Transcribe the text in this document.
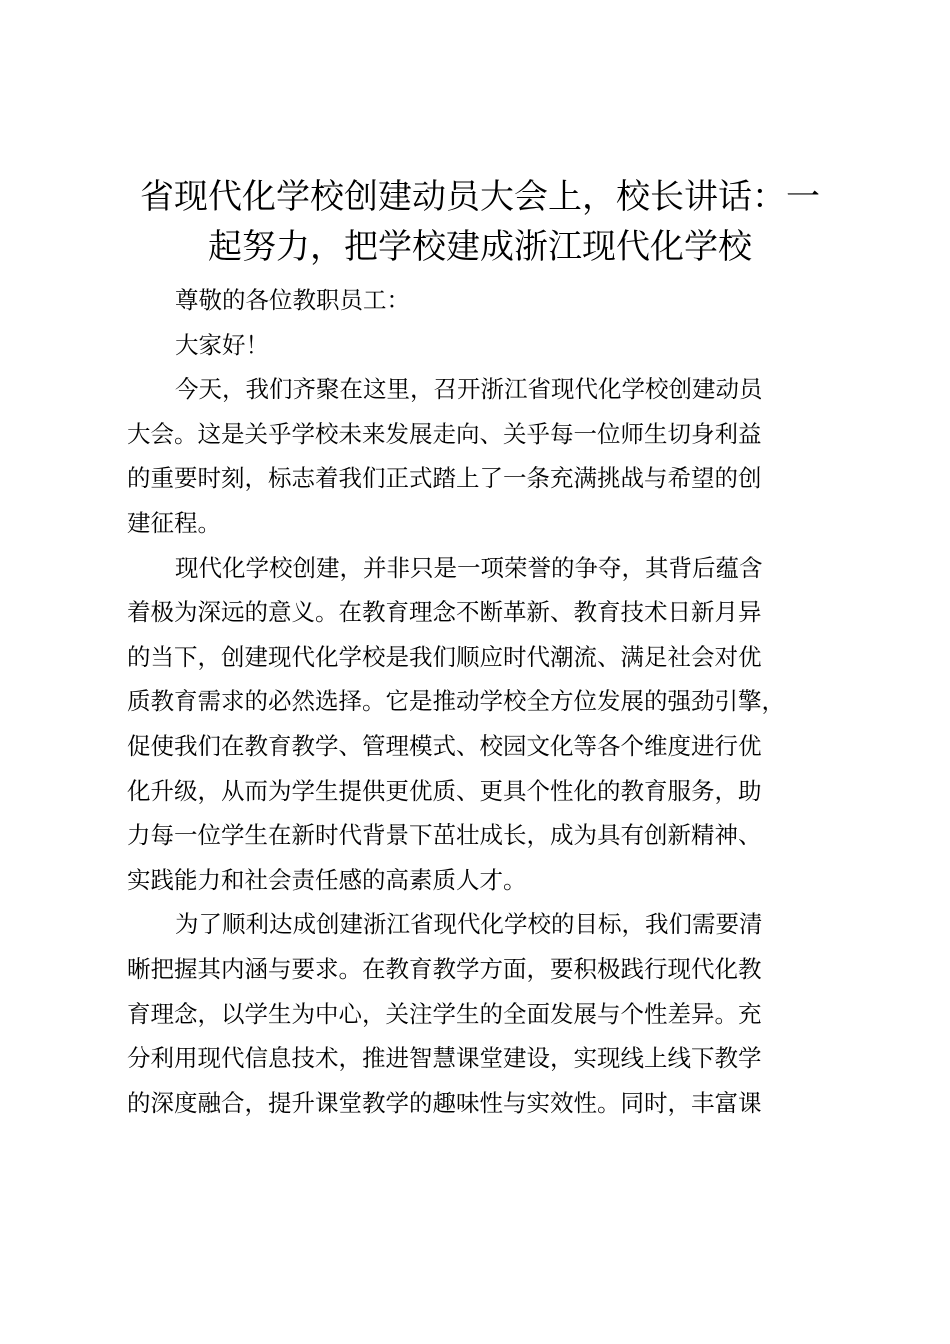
省现代化学校创建动员大会上，校长讲话：一
起努力，把学校建成浙江现代化学校
尊敬的各位教职员工：
大家好！
今天，我们齐聚在这里，召开浙江省现代化学校创建动员
大会。这是关乎学校未来发展走向、关乎每一位师生切身利益
的重要时刻，标志着我们正式踏上了一条充满挑战与希望的创
建征程。
现代化学校创建，并非只是一项荣誉的争夺，其背后蕴含
着极为深远的意义。在教育理念不断革新、教育技术日新月异
的当下，创建现代化学校是我们顺应时代潮流、满足社会对优
质教育需求的必然选择。它是推动学校全方位发展的强劲引擎，
促使我们在教育教学、管理模式、校园文化等各个维度进行优
化升级，从而为学生提供更优质、更具个性化的教育服务，助
力每一位学生在新时代背景下茁壮成长，成为具有创新精神、
实践能力和社会责任感的高素质人才。
为了顺利达成创建浙江省现代化学校的目标，我们需要清
晰把握其内涵与要求。在教育教学方面，要积极践行现代化教
育理念，以学生为中心，关注学生的全面发展与个性差异。充
分利用现代信息技术，推进智慧课堂建设，实现线上线下教学
的深度融合，提升课堂教学的趣味性与实效性。同时，丰富课
